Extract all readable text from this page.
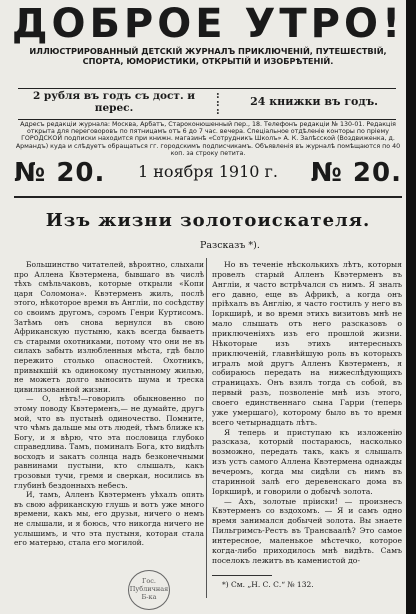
ДОБРОЕ УТРО!
ИЛЛЮСТРИРОВАННЫЙ ДЕТСКІЙ ЖУРНАЛЪ ПРИКЛЮЧЕНІЙ, ПУТЕШЕСТВІЙ, СПОРТА, ЮМОРИСТИКИ, ОТКРЫТІЙ И ИЗОБРѢТЕНІЙ.
2 рубля въ годъ съ дост. и перес.
:
:
:
24 книжки въ годъ.
Адресъ редакціи журнала: Москва, Арбатъ, Староконюшенный пер., 18. Телефонъ редакціи № 130-01. Редакція открыта для переговоровъ по пятницамъ отъ 6 до 7 час. вечера. Спеціальное отдѣленіе конторы по пріему ГОРОДСКОЙ подписки находится при книжн. магазинѣ «Сотрудникъ Школъ» А. К. Залѣсской (Воздвиженка, д. Армандъ) куда и слѣдуетъ обращаться гг. городскимъ подписчикамъ. Объявленія въ журналѣ помѣщаются по 40 коп. за строку петита.
№ 20.	1 ноября 1910 г.	№ 20.
Изъ жизни золотоискателя.
Разсказъ *).

Большинство читателей, вѣроятно, слыхали про Аллена Квэтермена, бывшаго въ числѣ тѣхъ смѣльчаковъ, которые открыли «Копи царя Соломона». Квэтерменъ жилъ, послѣ этого, нѣкоторое время въ Англіи, по сосѣдству со своимъ другомъ, сэромъ Генри Куртисомъ. Затѣмъ онъ снова вернулся въ свою Африканскую пустыню, какъ всегда бываетъ съ старыми охотниками, потому что они не въ силахъ забыть излюбленныя мѣста, гдѣ было пережито столько опасностей. Охотникъ, привыкшій къ одинокому пустынному жилью, не можетъ долго выносить шума и треска цивилизованной жизни.

— О, нѣтъ!—говорилъ обыкновенно по этому поводу Квэтерменъ,— не думайте, другъ мой, что въ пустынѣ одиночество. Помните, что чѣмъ дальше мы отъ людей, тѣмъ ближе къ Богу, и я вѣрю, что эта пословица глубоко справедлива. Тамъ, поминалъ Бога, кто видѣлъ восходъ и закатъ солнца надъ безконечными равнинами пустыни, кто слышалъ, какъ грозовыя тучи, гремя и сверкая, носились въ глубинѣ бездонныхъ небесъ.

И, тамъ, Алленъ Квэтерменъ уѣхалъ опять въ свою африканскую глушь и вотъ уже много времени, какъ мы, его друзья, ничего о немъ не слышали, и я боюсь, что никогда ничего не услышимъ, и что эта пустыня, которая стала его матерью, стала его могилой.

Но въ теченіе нѣсколькихъ лѣтъ, которыя провелъ старый Алленъ Квэтерменъ въ Англіи, я часто встрѣчался съ нимъ. Я зналъ его давно, еще въ Африкѣ, а когда онъ пріѣхалъ въ Англію, я часто гостилъ у него въ Іоркширѣ, и во время этихъ визитовъ мнѣ не мало слышать отъ него разсказовъ о приключеніяхъ изъ его прошлой жизни. Нѣкоторые изъ этихъ интересныхъ приключеній, главнѣйшую роль въ которыхъ игралъ мой другъ Алленъ Квэтерменъ, я собираюсь передать на нижеслѣдующихъ страницахъ. Онъ взялъ тогда съ собой, въ первый разъ, позволеніе мнѣ изъ этого, своего единственнаго сына Гарри (теперь уже умершаго), которому было въ то время всего четырнадцать лѣтъ.

Я теперь и приступаю къ изложенію разсказа, который постараюсь, насколько возможно, передать такъ, какъ я слышалъ изъ устъ самого Аллена Квэтермена однажды вечеромъ, когда мы сидѣли съ нимъ въ старинной залѣ его деревенскаго дома въ Іоркширѣ, и говорили о добычѣ золота.

— Ахъ, золотые пріиски! — произнесъ Квэтерменъ со вздохомъ. — Я и самъ одно время занимался добычей золота. Вы знаете Пильгримсъ-Рестъ въ Трансваалѣ? Это самое интересное, маленькое мѣстечко, которое когда-либо приходилось мнѣ видѣть. Самъ поселокъ лежитъ въ каменистой до-

*) См. „Н. С. С.“ № 132.
Гос. Публичная Б-ка
